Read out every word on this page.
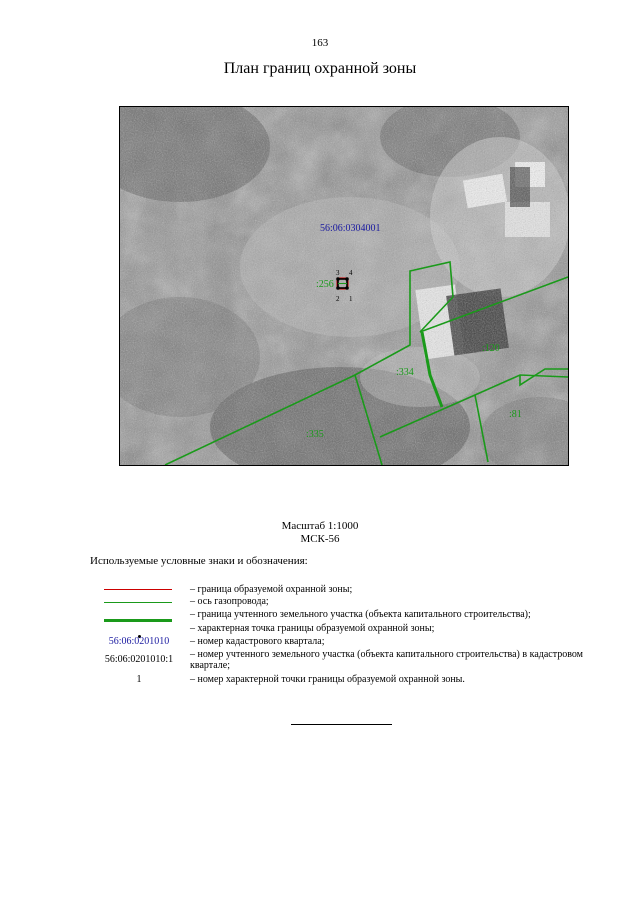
163
План границ охранной зоны
56:06:0304001
:256
:120
:334
:81
:335
1
2
3 4
Масштаб 1:1000
МСК-56
Используемые условные знаки и обозначения:
– граница образуемой охранной зоны;
– ось газопровода;
– граница учтенного земельного участка (объекта капитального строительства);
– характерная точка границы образуемой охранной зоны;
56:06:0201010	– номер кадастрового квартала;
56:06:0201010:1	– номер учтенного земельного участка (объекта капитального строительства) в кадастровом квартале;
1	– номер характерной точки границы образуемой охранной зоны.
